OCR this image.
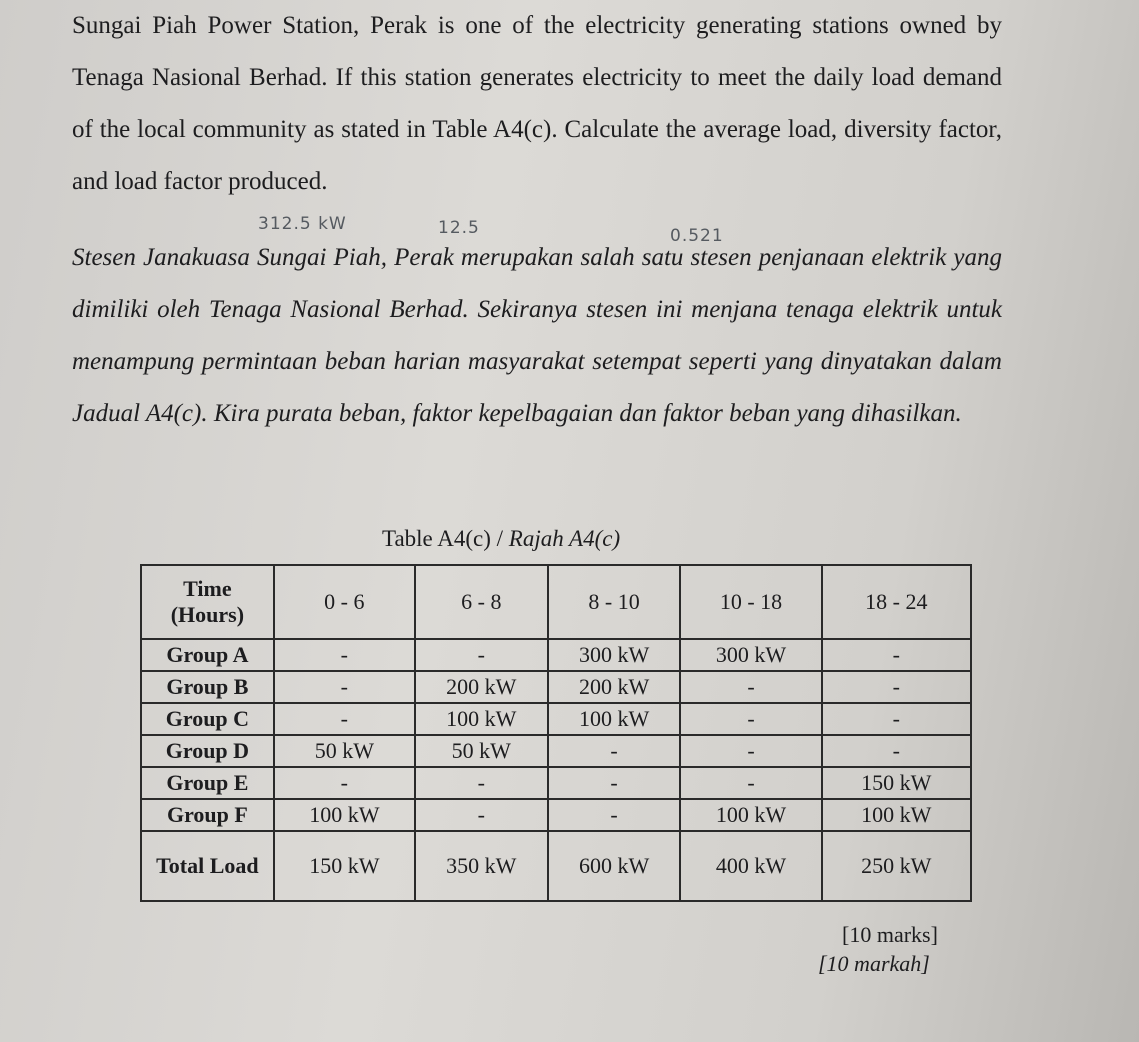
Sungai Piah Power Station, Perak is one of the electricity generating stations owned by Tenaga Nasional Berhad. If this station generates electricity to meet the daily load demand of the local community as stated in Table A4(c). Calculate the average load, diversity factor, and load factor produced.

Stesen Janakuasa Sungai Piah, Perak merupakan salah satu stesen penjanaan elektrik yang dimiliki oleh Tenaga Nasional Berhad. Sekiranya stesen ini menjana tenaga elektrik untuk menampung permintaan beban harian masyarakat setempat seperti yang dinyatakan dalam Jadual A4(c). Kira purata beban, faktor kepelbagaian dan faktor beban yang dihasilkan.

312.5 kW	12.5	0.521
Table A4(c) / Rajah A4(c)
Time (Hours)	0 - 6	6 - 8	8 - 10	10 - 18	18 - 24
Group A	-	-	300 kW	300 kW	-
Group B	-	200 kW	200 kW	-	-
Group C	-	100 kW	100 kW	-	-
Group D	50 kW	50 kW	-	-	-
Group E	-	-	-	-	150 kW
Group F	100 kW	-	-	100 kW	100 kW
Total Load	150 kW	350 kW	600 kW	400 kW	250 kW
[10 marks]
[10 markah]
